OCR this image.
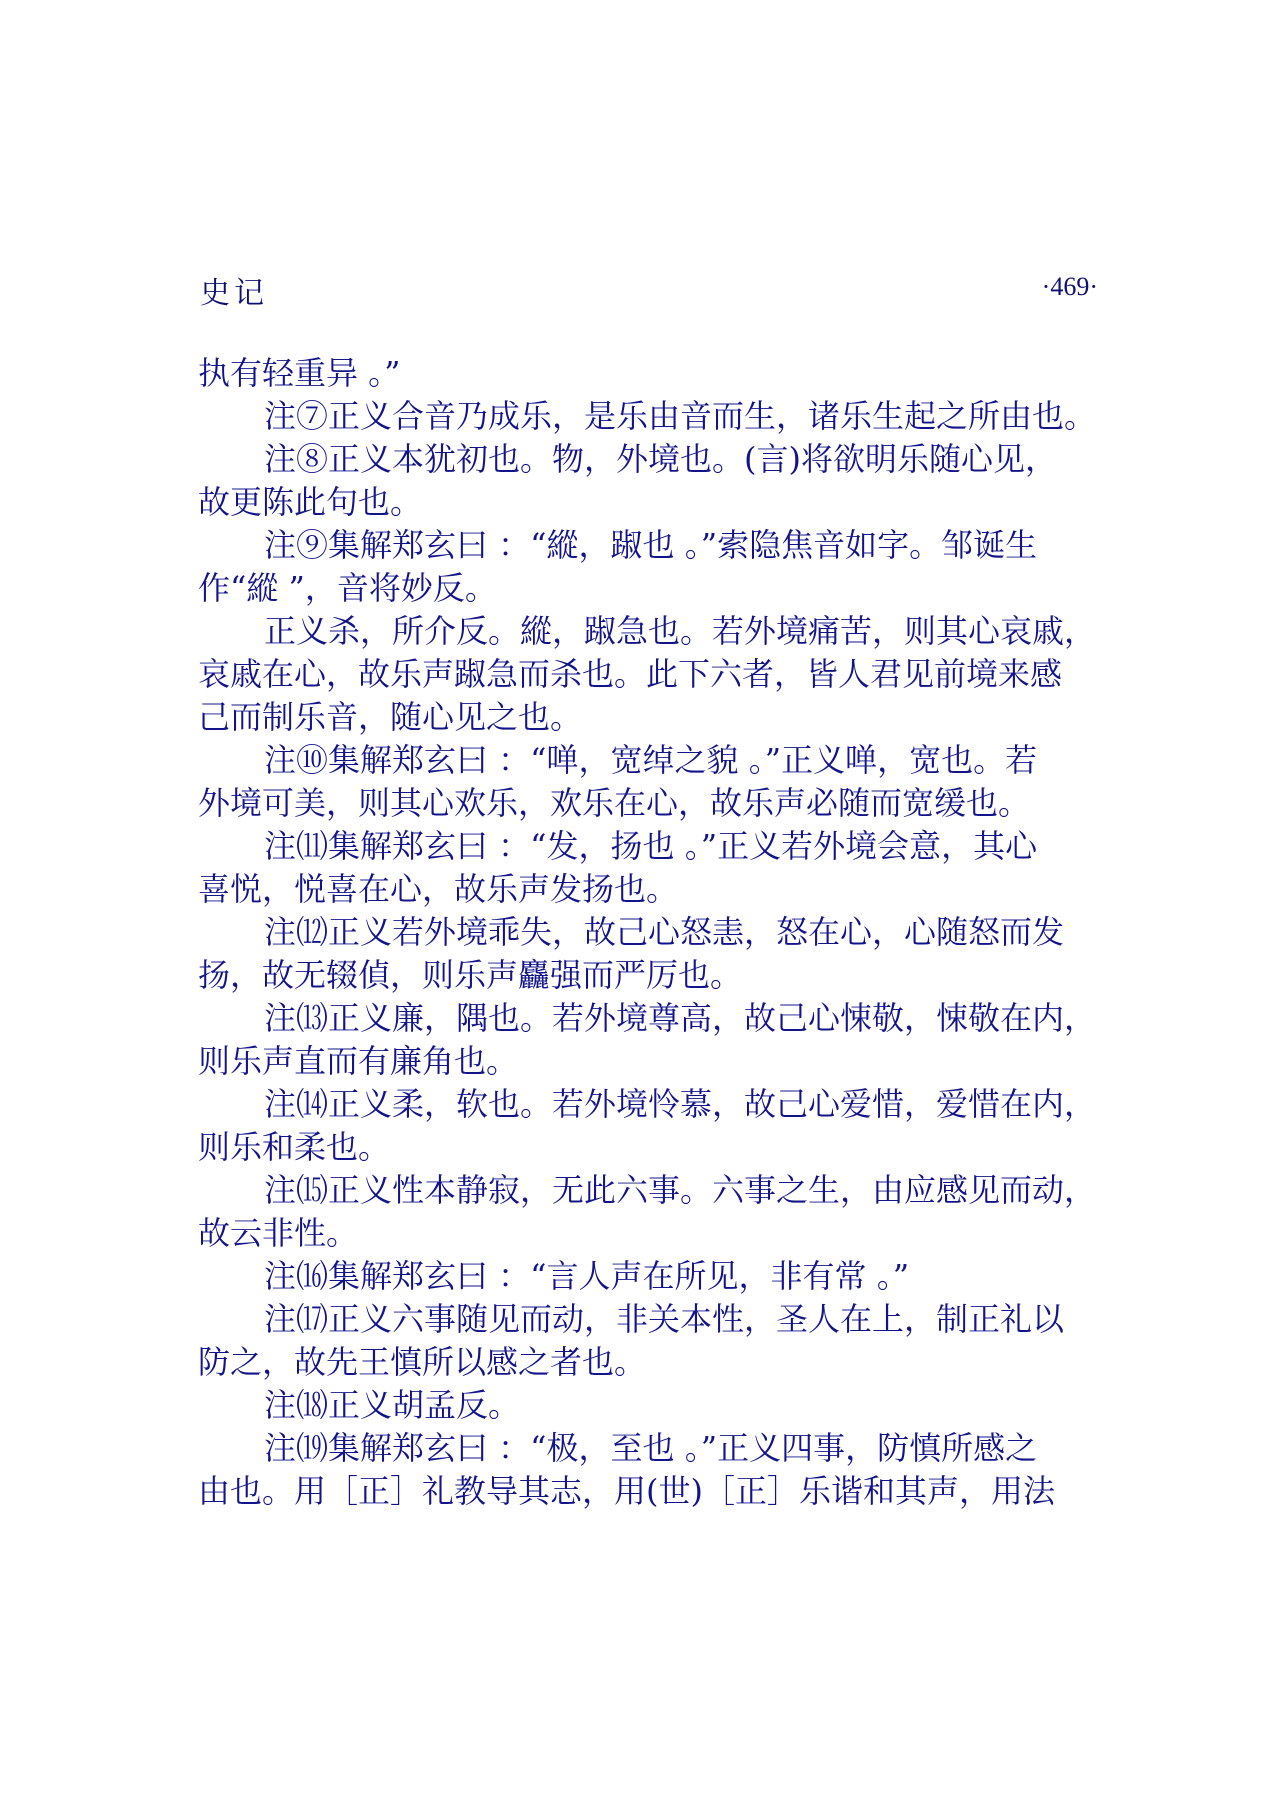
史记	·469·

执有轻重异 。”

注⑦正义合音乃成乐，是乐由音而生，诸乐生起之所由也。

注⑧正义本犹初也。物，外境也。(言)将欲明乐随心见，

故更陈此句也。

注⑨集解郑玄曰 ：“縱，踧也 。”索隐焦音如字。邹诞生

作“縱 ”，音将妙反。

正义杀，所介反。縱，踧急也。若外境痛苦，则其心哀戚，

哀戚在心，故乐声踧急而杀也。此下六者，皆人君见前境来感

己而制乐音，随心见之也。

注⑩集解郑玄曰 ：“啴，宽绰之貌 。”正义啴，宽也。若

外境可美，则其心欢乐，欢乐在心，故乐声必随而宽缓也。

注⑾集解郑玄曰 ：“发，扬也 。”正义若外境会意，其心

喜悦，悦喜在心，故乐声发扬也。

注⑿正义若外境乖失，故己心怒恚，怒在心，心随怒而发

扬，故无辍偵，则乐声麤强而严厉也。

注⒀正义廉，隅也。若外境尊高，故己心悚敬，悚敬在内，

则乐声直而有廉角也。

注⒁正义柔，软也。若外境怜慕，故己心爱惜，爱惜在内，

则乐和柔也。

注⒂正义性本静寂，无此六事。六事之生，由应感见而动，

故云非性。

注⒃集解郑玄曰 ：“言人声在所见，非有常 。”

注⒄正义六事随见而动，非关本性，圣人在上，制正礼以

防之，故先王慎所以感之者也。

注⒅正义胡孟反。

注⒆集解郑玄曰 ：“极，至也 。”正义四事，防慎所感之

由也。用［正］礼教导其志，用(世)［正］乐谐和其声，用法
